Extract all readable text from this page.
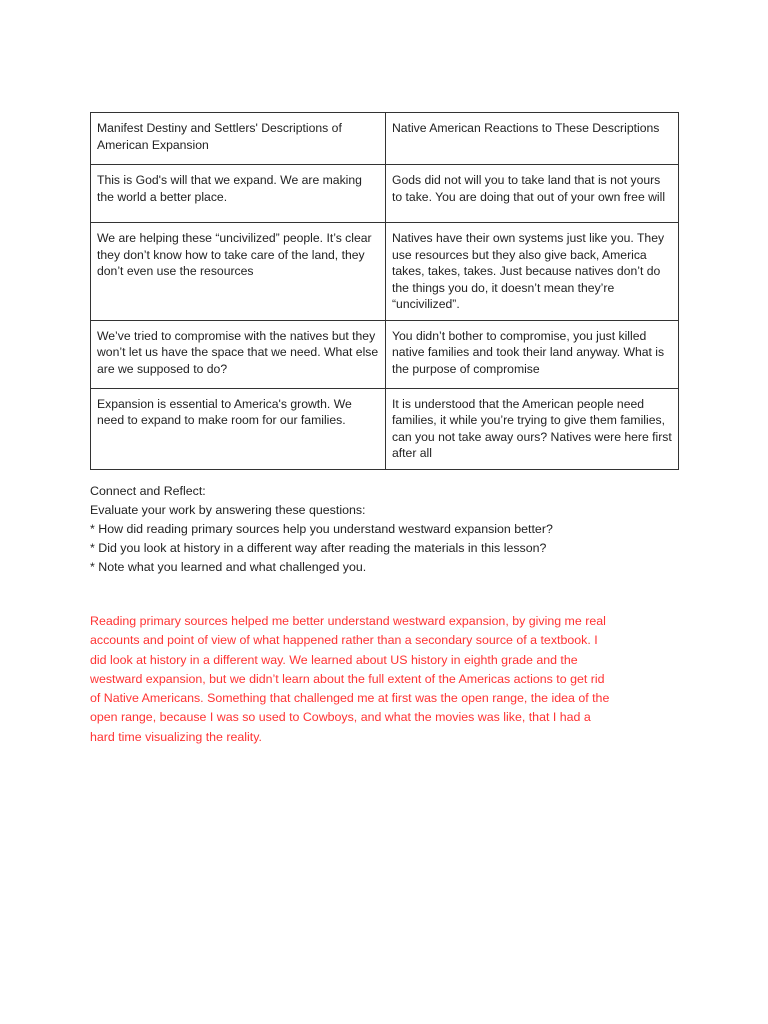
Manifest Destiny and Settlers' Descriptions of American Expansion	Native American Reactions to These Descriptions
This is God's will that we expand. We are making the world a better place.	Gods did not will you to take land that is not yours to take. You are doing that out of your own free will
We are helping these “uncivilized” people. It’s clear they don’t know how to take care of the land, they don’t even use the resources	Natives have their own systems just like you. They use resources but they also give back, America takes, takes, takes. Just because natives don’t do the things you do, it doesn’t mean they’re “uncivilized”.
We’ve tried to compromise with the natives but they won’t let us have the space that we need. What else are we supposed to do?	You didn’t bother to compromise, you just killed native families and took their land anyway. What is the purpose of compromise
Expansion is essential to America's growth. We need to expand to make room for our families.	It is understood that the American people need families, it while you’re trying to give them families, can you not take away ours? Natives were here first after all
Connect and Reflect:
Evaluate your work by answering these questions:
* How did reading primary sources help you understand westward expansion better?
* Did you look at history in a different way after reading the materials in this lesson?
* Note what you learned and what challenged you.
Reading primary sources helped me better understand westward expansion, by giving me real
accounts and point of view of what happened rather than a secondary source of a textbook. I
did look at history in a different way. We learned about US history in eighth grade and the
westward expansion, but we didn’t learn about the full extent of the Americas actions to get rid
of Native Americans. Something that challenged me at first was the open range, the idea of the
open range, because I was so used to Cowboys, and what the movies was like, that I had a
hard time visualizing the reality.
